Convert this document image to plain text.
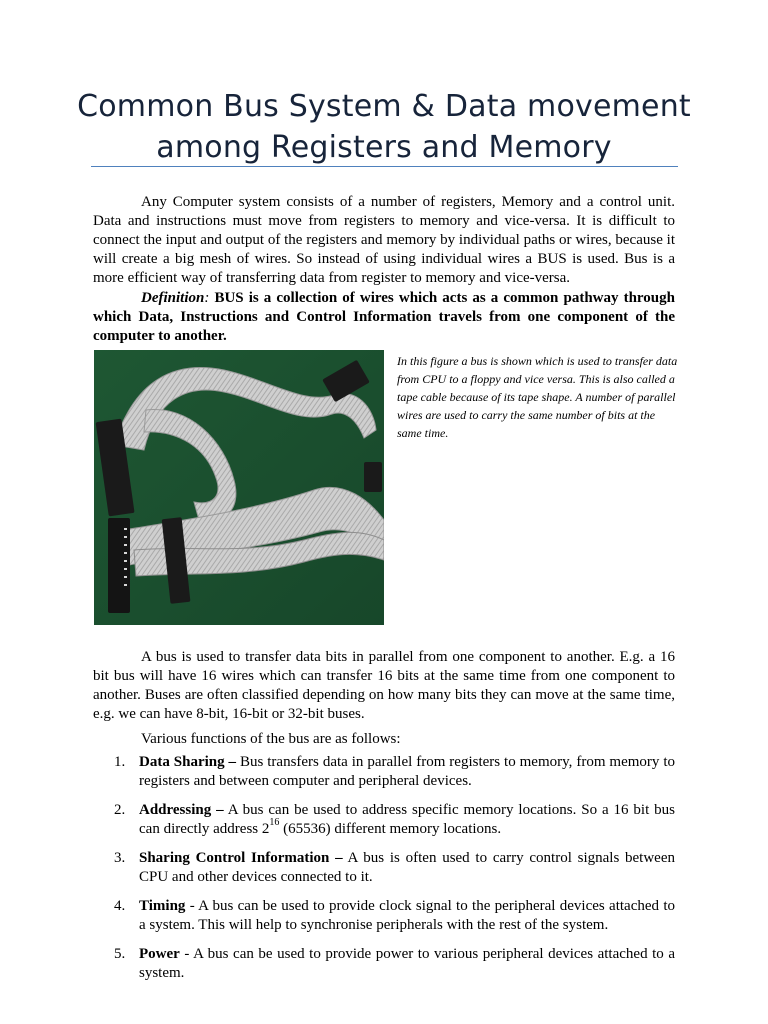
Common Bus System & Data movement
among Registers and Memory

Any Computer system consists of a number of registers, Memory and a control unit. Data and instructions must move from registers to memory and vice-versa. It is difficult to connect the input and output of the registers and memory by individual paths or wires, because it will create a big mesh of wires. So instead of using individual wires a BUS is used. Bus is a more efficient way of transferring data from register to memory and vice-versa.

Definition: BUS is a collection of wires which acts as a common pathway through which Data, Instructions and Control Information travels from one component of the computer to another.

In this figure a bus is shown which is used to transfer data from CPU to a floppy and vice versa. This is also called a tape cable because of its tape shape. A number of parallel wires are used to carry the same number of bits at the same time.

A bus is used to transfer data bits in parallel from one component to another. E.g. a 16 bit bus will have 16 wires which can transfer 16 bits at the same time from one component to another. Buses are often classified depending on how many bits they can move at the same time, e.g. we can have 8-bit, 16-bit or 32-bit buses.

Various functions of the bus are as follows:

1. Data Sharing – Bus transfers data in parallel from registers to memory, from memory to registers and between computer and peripheral devices.
2. Addressing – A bus can be used to address specific memory locations. So a 16 bit bus can directly address $2^{16}$ (65536) different memory locations.
3. Sharing Control Information – A bus is often used to carry control signals between CPU and other devices connected to it.
4. Timing - A bus can be used to provide clock signal to the peripheral devices attached to a system. This will help to synchronise peripherals with the rest of the system.
5. Power - A bus can be used to provide power to various peripheral devices attached to a system.
